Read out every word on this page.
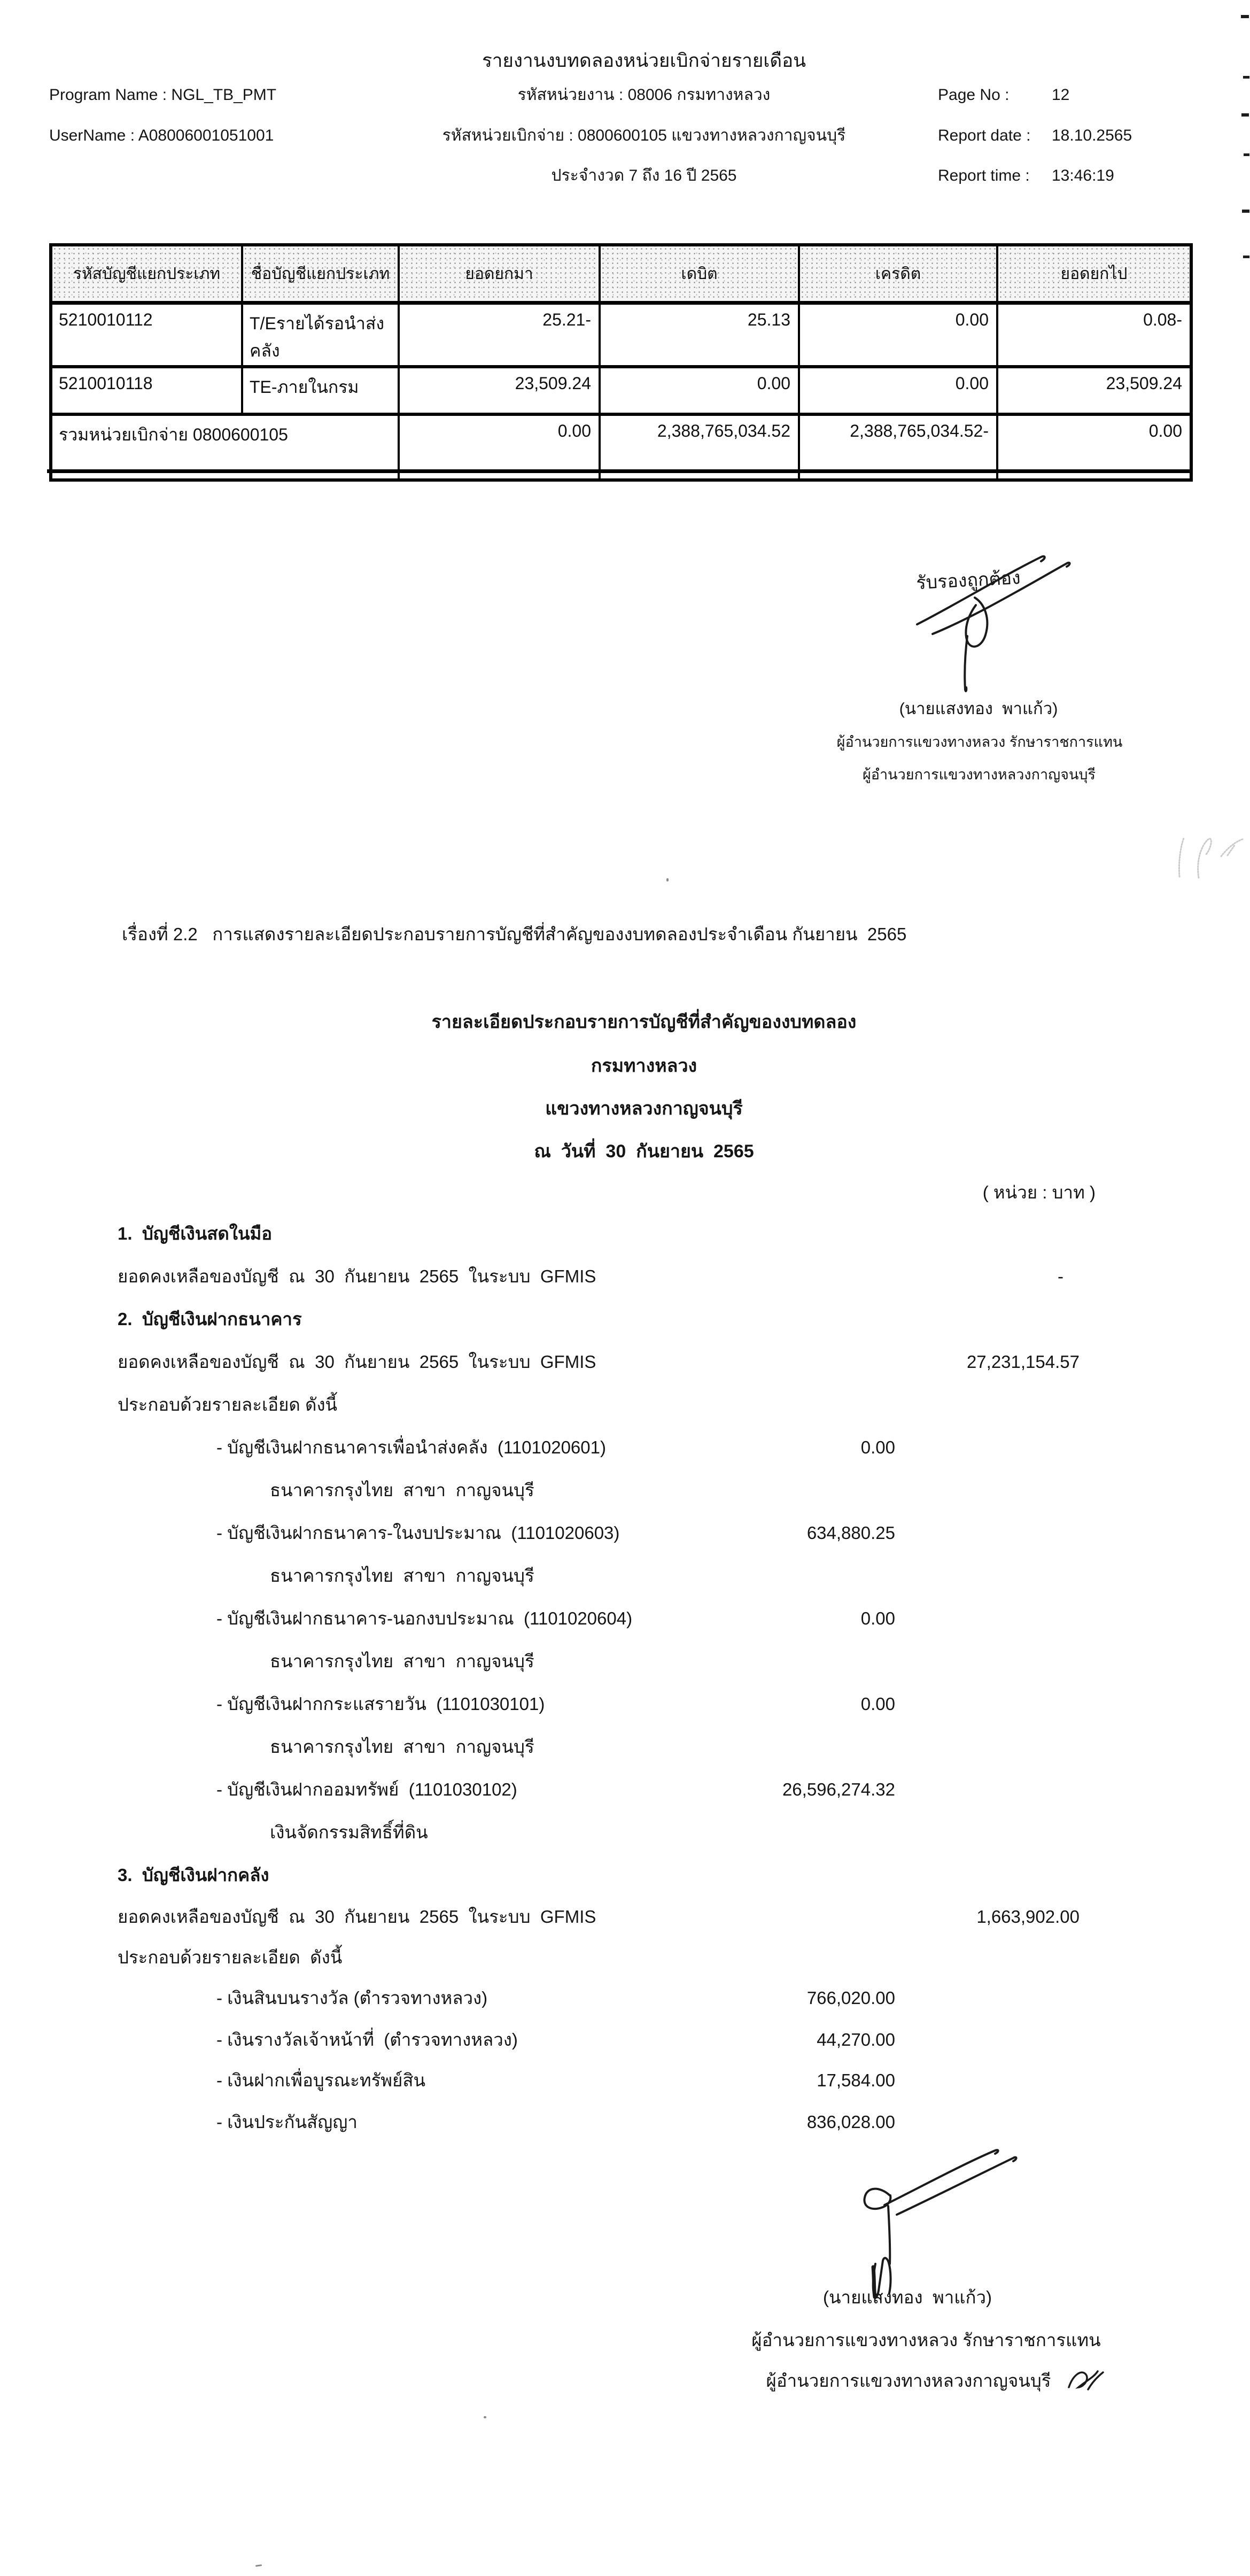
รายงานงบทดลองหน่วยเบิกจ่ายรายเดือน
Program Name : NGL_TB_PMT	รหัสหน่วยงาน : 08006 กรมทางหลวง	Page No :	12
UserName : A08006001051001	รหัสหน่วยเบิกจ่าย : 0800600105 แขวงทางหลวงกาญจนบุรี	Report date : 18.10.2565
ประจำงวด 7 ถึง 16 ปี 2565	Report time : 13:46:19
รหัสบัญชีแยกประเภท	ชื่อบัญชีแยกประเภท	ยอดยกมา	เดบิต	เครดิต	ยอดยกไป
5210010112	T/Eรายได้รอนำส่งคลัง	25.21-	25.13	0.00	0.08-
5210010118	TE-ภายในกรม	23,509.24	0.00	0.00	23,509.24
รวมหน่วยเบิกจ่าย 0800600105		0.00	2,388,765,034.52	2,388,765,034.52-	0.00
รับรองถูกต้อง
(นายแสงทอง  พาแก้ว)
ผู้อำนวยการแขวงทางหลวง รักษาราชการแทน
ผู้อำนวยการแขวงทางหลวงกาญจนบุรี
เรื่องที่ 2.2   การแสดงรายละเอียดประกอบรายการบัญชีที่สำคัญของงบทดลองประจำเดือน กันยายน  2565
รายละเอียดประกอบรายการบัญชีที่สำคัญของงบทดลอง
กรมทางหลวง
แขวงทางหลวงกาญจนบุรี
ณ  วันที่  30  กันยายน  2565
( หน่วย : บาท )
1.  บัญชีเงินสดในมือ
ยอดคงเหลือของบัญชี  ณ  30  กันยายน  2565  ในระบบ  GFMIS	-
2.  บัญชีเงินฝากธนาคาร
ยอดคงเหลือของบัญชี  ณ  30  กันยายน  2565  ในระบบ  GFMIS	27,231,154.57
ประกอบด้วยรายละเอียด ดังนี้
- บัญชีเงินฝากธนาคารเพื่อนำส่งคลัง  (1101020601)	0.00
ธนาคารกรุงไทย  สาขา  กาญจนบุรี
- บัญชีเงินฝากธนาคาร-ในงบประมาณ  (1101020603)	634,880.25
ธนาคารกรุงไทย  สาขา  กาญจนบุรี
- บัญชีเงินฝากธนาคาร-นอกงบประมาณ  (1101020604)	0.00
ธนาคารกรุงไทย  สาขา  กาญจนบุรี
- บัญชีเงินฝากกระแสรายวัน  (1101030101)	0.00
ธนาคารกรุงไทย  สาขา  กาญจนบุรี
- บัญชีเงินฝากออมทรัพย์  (1101030102)	26,596,274.32
เงินจัดกรรมสิทธิ์ที่ดิน
3.  บัญชีเงินฝากคลัง
ยอดคงเหลือของบัญชี  ณ  30  กันยายน  2565  ในระบบ  GFMIS	1,663,902.00
ประกอบด้วยรายละเอียด  ดังนี้
- เงินสินบนรางวัล (ตำรวจทางหลวง)	766,020.00
- เงินรางวัลเจ้าหน้าที่  (ตำรวจทางหลวง)	44,270.00
- เงินฝากเพื่อบูรณะทรัพย์สิน	17,584.00
- เงินประกันสัญญา	836,028.00
(นายแสงทอง  พาแก้ว)
ผู้อำนวยการแขวงทางหลวง รักษาราชการแทน
ผู้อำนวยการแขวงทางหลวงกาญจนบุรี
